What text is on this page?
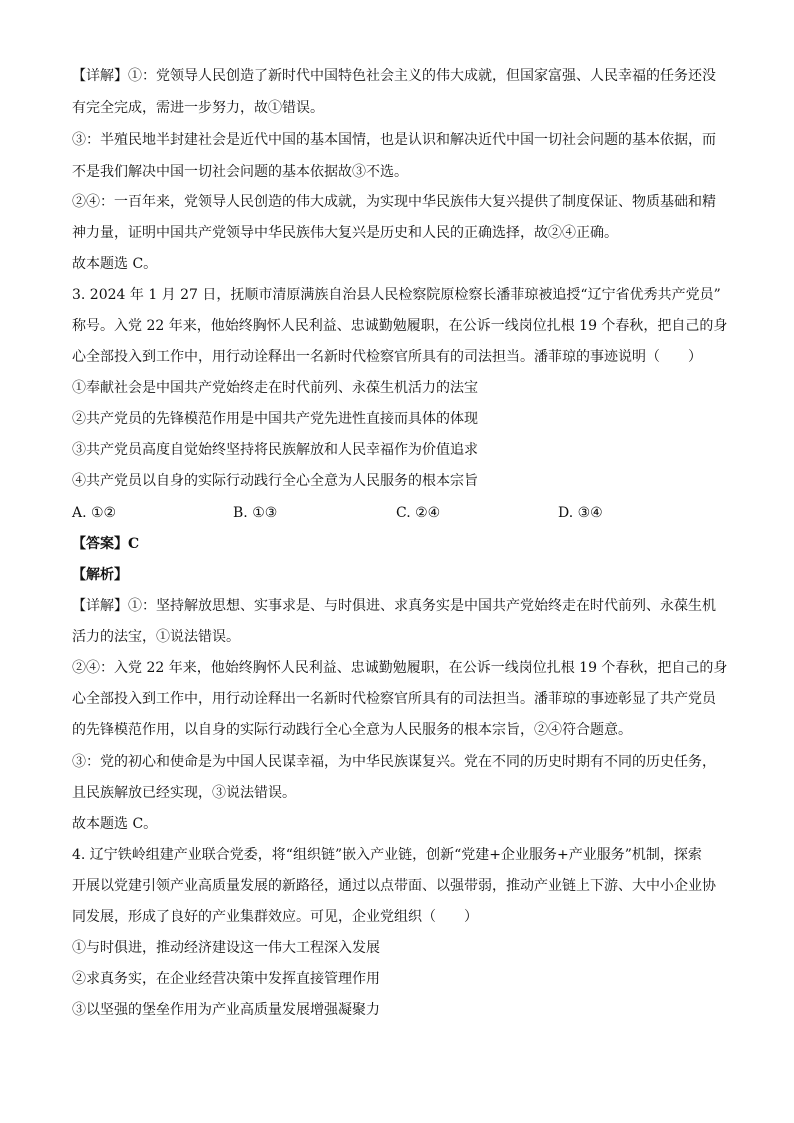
【详解】①：党领导人民创造了新时代中国特色社会主义的伟大成就，但国家富强、人民幸福的任务还没
有完全完成，需进一步努力，故①错误。
③：半殖民地半封建社会是近代中国的基本国情，也是认识和解决近代中国一切社会问题的基本依据，而
不是我们解决中国一切社会问题的基本依据故③不选。
②④：一百年来，党领导人民创造的伟大成就，为实现中华民族伟大复兴提供了制度保证、物质基础和精
神力量，证明中国共产党领导中华民族伟大复兴是历史和人民的正确选择，故②④正确。
故本题选 C。
3. 2024 年 1 月 27 日，抚顺市清原满族自治县人民检察院原检察长潘菲琼被追授“辽宁省优秀共产党员”
称号。入党 22 年来，他始终胸怀人民利益、忠诚勤勉履职，在公诉一线岗位扎根 19 个春秋，把自己的身
心全部投入到工作中，用行动诠释出一名新时代检察官所具有的司法担当。潘菲琼的事迹说明（　　）
①奉献社会是中国共产党始终走在时代前列、永葆生机活力的法宝
②共产党员的先锋模范作用是中国共产党先进性直接而具体的体现
③共产党员高度自觉始终坚持将民族解放和人民幸福作为价值追求
④共产党员以自身的实际行动践行全心全意为人民服务的根本宗旨
A. ①②	B. ①③	C. ②④	D. ③④
【答案】C
【解析】
【详解】①：坚持解放思想、实事求是、与时俱进、求真务实是中国共产党始终走在时代前列、永葆生机
活力的法宝，①说法错误。
②④：入党 22 年来，他始终胸怀人民利益、忠诚勤勉履职，在公诉一线岗位扎根 19 个春秋，把自己的身
心全部投入到工作中，用行动诠释出一名新时代检察官所具有的司法担当。潘菲琼的事迹彰显了共产党员
的先锋模范作用，以自身的实际行动践行全心全意为人民服务的根本宗旨，②④符合题意。
③：党的初心和使命是为中国人民谋幸福，为中华民族谋复兴。党在不同的历史时期有不同的历史任务，
且民族解放已经实现，③说法错误。
故本题选 C。
4. 辽宁铁岭组建产业联合党委，将“组织链”嵌入产业链，创新“党建+企业服务+产业服务”机制，探索
开展以党建引领产业高质量发展的新路径，通过以点带面、以强带弱，推动产业链上下游、大中小企业协
同发展，形成了良好的产业集群效应。可见，企业党组织（　　）
①与时俱进，推动经济建设这一伟大工程深入发展
②求真务实，在企业经营决策中发挥直接管理作用
③以坚强的堡垒作用为产业高质量发展增强凝聚力
